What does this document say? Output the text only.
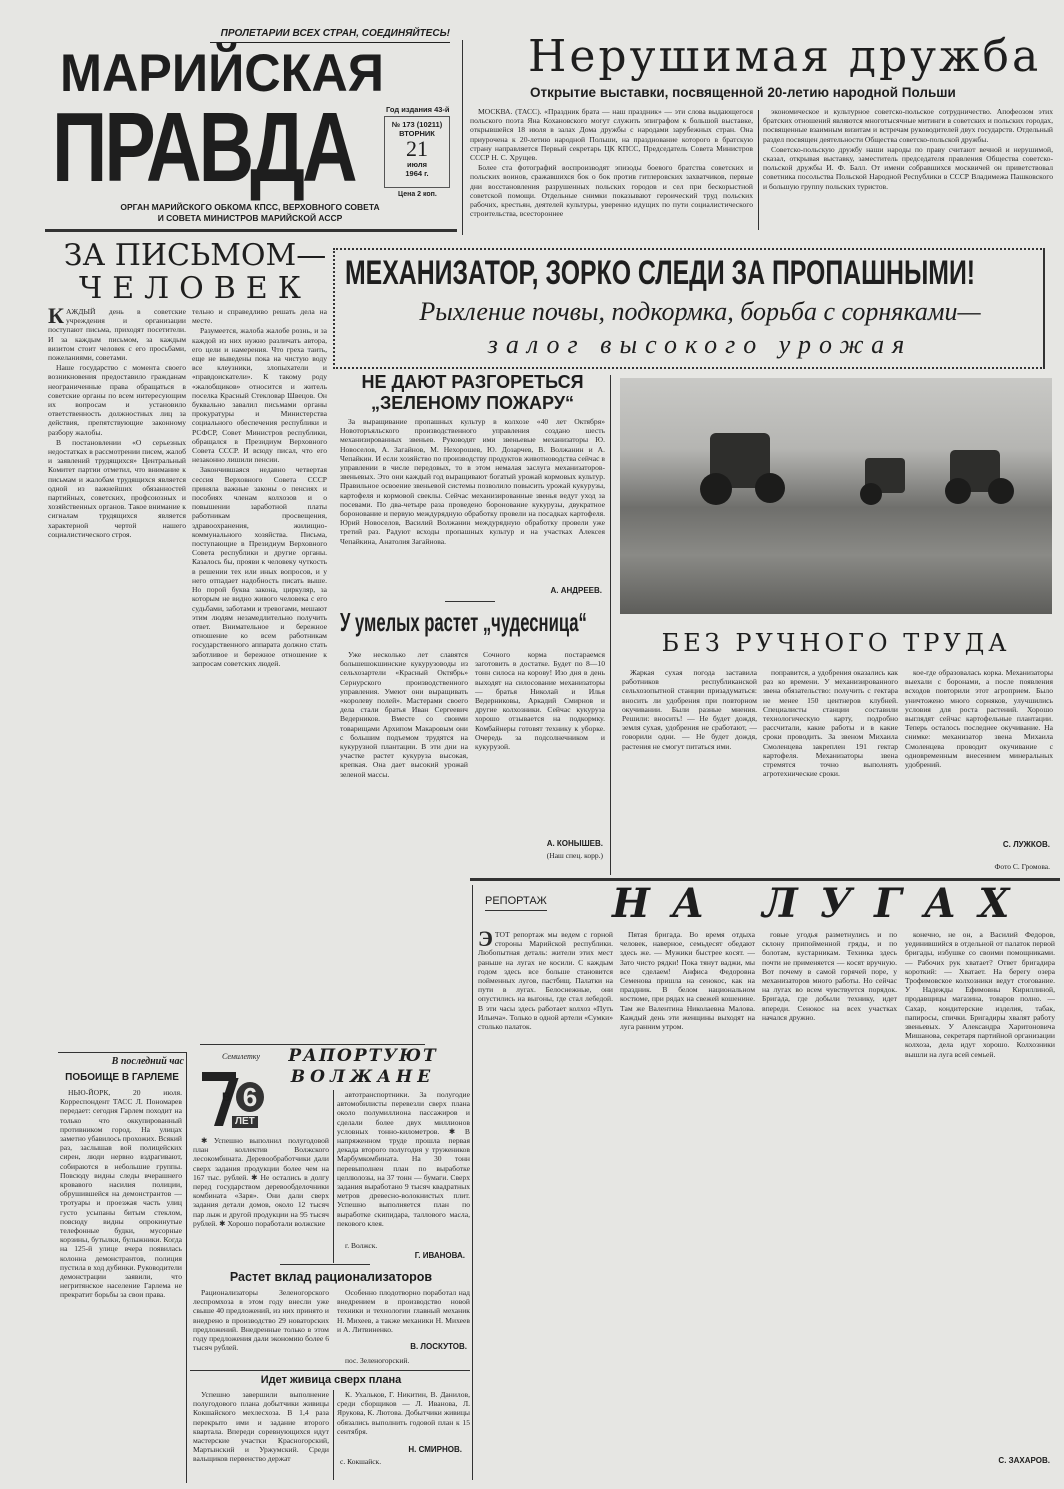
ПРОЛЕТАРИИ ВСЕХ СТРАН, СОЕДИНЯЙТЕСЬ!
МАРИЙСКАЯ
ПРАВДА	Год издания 43-й
№ 173 (10211)
ВТОРНИК
21
июля
1964 г.
Цена 2 коп.
ОРГАН МАРИЙСКОГО ОБКОМА КПСС, ВЕРХОВНОГО СОВЕТА
И СОВЕТА МИНИСТРОВ МАРИЙСКОЙ АССР
Нерушимая дружба
Открытие выставки, посвященной 20-летию народной Польши

МОСКВА. (ТАСС). «Праздник брата — наш праздник» — эти слова выдающегося польского поэта Яна Кохановского могут служить эпиграфом к большой выставке, открывшейся 18 июля в залах Дома дружбы с народами зарубежных стран. Она приурочена к 20-летию народной Польши, на празднование которого в братскую страну направляется Первый секретарь ЦК КПСС, Председатель Совета Министров СССР Н. С. Хрущев.

Более ста фотографий воспроизводят эпизоды боевого братства советских и польских воинов, сражавшихся бок о бок против гитлеровских захватчиков, первые дни восстановления разрушенных польских городов и сел при бескорыстной советской помощи. Отдельные снимки показывают героический труд польских рабочих, крестьян, деятелей культуры, уверенно идущих по пути социалистического строительства, всестороннее

экономическое и культурное советско-польское сотрудничество. Апофеозом этих братских отношений являются многотысячные митинги в советских и польских городах, посвященные взаимным визитам и встречам руководителей двух государств. Отдельный раздел посвящен деятельности Общества советско-польской дружбы.

Советско-польскую дружбу наши народы по праву считают вечной и нерушимой, сказал, открывая выставку, заместитель председателя правления Общества советско-польской дружбы И. Ф. Балл. От имени собравшихся москвичей он приветствовал советника посольства Польской Народной Республики в СССР Владимежа Пашковского и большую группу польских туристов.

ЗА ПИСЬМОМ—
ЧЕЛОВЕК

КАЖДЫЙ день в советские учреждения и организации поступают письма, приходят посетители. И за каждым письмом, за каждым визитом стоит человек с его просьбами, пожеланиями, советами.

Наше государство с момента своего возникновения предоставило гражданам неограниченные права обращаться в советские органы по всем интересующим их вопросам и установило ответственность должностных лиц за действия, препятствующие законному разбору жалобы.

В постановлении «О серьезных недостатках в рассмотрении писем, жалоб и заявлений трудящихся» Центральный Комитет партии отметил, что внимание к письмам и жалобам трудящихся является одной из важнейших обязанностей партийных, советских, профсоюзных и хозяйственных органов. Такое внимание к сигналам трудящихся является характерной чертой нашего социалистического строя.

тельно и справедливо решать дела на месте.

Разумеется, жалоба жалобе рознь, и за каждой из них нужно различать автора, его цели и намерения. Что греха таить, еще не выведены пока на чистую воду все клеузники, злопыхатели и «правдоискатели». К такому роду «жалобщиков» относится и житель поселка Красный Стекловар Швецов. Он буквально завалил письмами органы прокуратуры и Министерства социального обеспечения республики и РСФСР, Совет Министров республики, обращался в Президиум Верховного Совета СССР. И всюду писал, что его незаконно лишили пенсии.

Закончившаяся недавно четвертая сессия Верховного Совета СССР приняла важные законы о пенсиях и пособиях членам колхозов и о повышении заработной платы работникам просвещения, здравоохранения, жилищно-коммунального хозяйства. Письма, поступающие в Президиум Верховного Совета республики и другие органы. Казалось бы, прояви к человеку чуткость в решении тех или иных вопросов, и у него отпадает надобность писать выше. Но порой буква закона, циркуляр, за которым не видно живого человека с его судьбами, заботами и тревогами, мешают этим людям незамедлительно получить ответ. Внимательное и бережное отношение ко всем работникам государственного аппарата должно стать заботливое и бережное отношение к запросам советских людей.

МЕХАНИЗАТОР, ЗОРКО СЛЕДИ ЗА ПРОПАШНЫМИ!
Рыхление почвы, подкормка, борьба с сорняками—
залог высокого урожая
НЕ ДАЮТ РАЗГОРЕТЬСЯ
„ЗЕЛЕНОМУ ПОЖАРУ“

За выращивание пропашных культур в колхозе «40 лет Октября» Новоторъяльского производственного управления создано шесть механизированных звеньев. Руководят ими звеньевые механизаторы Ю. Новоселов, А. Загайнов, М. Нехорошев, Ю. Дозарчев, В. Волжанин и А. Чепайкин. И если хозяйство по производству продуктов животноводства сейчас в управлении в числе передовых, то в этом немалая заслуга механизаторов-звеньевых. Это они каждый год выращивают богатый урожай кормовых культур. Правильное освоение звеньевой системы позволило повысить урожай кукурузы, картофеля и кормовой свеклы. Сейчас механизированные звенья ведут уход за посевами. По два-четыре раза проведено боронование кукурузы, двукратное боронование и первую междурядную обработку провели на посадках картофеля. Юрий Новоселов, Василий Волжанин междурядную обработку провели уже третий раз. Радуют всходы пропашных культур и на участках Алексея Чепайкина, Анатолия Загайнова.

А. АНДРЕЕВ.
У умелых растет „чудесница“

Уже несколько лет славятся большешокшинские кукурузоводы из сельхозартели «Красный Октябрь» Сернурского производственного управления. Умеют они выращивать «королеву полей». Мастерами своего дела стали братья Иван Сергеевич Ведерников. Вместе со своими товарищами Архипом Макаровым они с большим подъемом трудятся на кукурузной плантации. В эти дни на участке растет кукуруза высокая, крепкая. Она дает высокий урожай зеленой массы.

Сочного корма постараемся заготовить в достатке. Будет по 8—10 тонн силоса на корову! Изо дня в день выходят на силосование механизаторы — братья Николай и Илья Ведерниковы, Аркадий Смирнов и другие колхозники. Сейчас кукуруза хорошо отзывается на подкормку. Комбайнеры готовят технику к уборке. Очередь за подсолнечником и кукурузой.

А. КОНЫШЕВ.
(Наш спец. корр.)
БЕЗ РУЧНОГО ТРУДА

Жаркая сухая погода заставила работников республиканской сельхозопытной станции призадуматься: вносить ли удобрения при повторном окучивании. Были разные мнения. Решили: вносить! — Не будет дождя, земля сухая, удобрения не сработают, — говорили одни. — Не будет дождя, растения не смогут питаться ими.

поправится, а удобрения оказались как раз ко времени. У механизированного звена обязательство: получить с гектара не менее 150 центнеров клубней. Специалисты станции составили технологическую карту, подробно рассчитали, какие работы и в какие сроки проводить. За звеном Михаила Смоленцева закреплен 191 гектар картофеля. Механизаторы звена стремятся точно выполнять агротехнические сроки.

кое-где образовалась корка. Механизаторы выехали с боронами, а после появления всходов повторили этот агроприем. Было уничтожено много сорняков, улучшились условия для роста растений. Хорошо выглядят сейчас картофельные плантации. Теперь осталось последнее окучивание. На снимке: механизатор звена Михаила Смоленцева проводит окучивание с одновременным внесением минеральных удобрений.

С. ЛУЖКОВ.
Фото С. Громова.
РЕПОРТАЖ НА ЛУГАХ

ЭТОТ репортаж мы ведем с горной стороны Марийской республики. Любопытная деталь: жители этих мест раньше на лугах не косили. С каждым годом здесь все больше становится пойменных лугов, пастбищ. Палатки на пути в лугах. Белоснежные, они опустились на выгоны, где стал лебедой. В эти часы здесь работает колхоз «Путь Ильича». Только в одной артели «Сумки» столько палаток.

Пятая бригада. Во время отдыха человек, наверное, семьдесят обедают здесь же. — Мужики быстрее косят. — Зато чисто рядки! Пока тянут ваджи, мы все сделаем! Анфиса Федоровна Семенова пришла на сенокос, как на праздник. В белом национальном костюме, при рядах на свежей кошенине. Там же Валентина Николаевна Малова. Каждый день эти женщины выходят на луга ранним утром.

говые угодья разметнулись и по склону припойменной гряды, и по болотам, кустарникам. Техника здесь почти не применяется — косят вручную. Вот почему в самой горячей поре, у механизаторов много работы. Но сейчас на лугах во всем чувствуется порядок. Бригада, где добыли технику, идет впереди. Сенокос на всех участках начался дружно.

конечно, не он, а Василий Федоров, уединившийся в отдельной от палаток первой бригады, избушке со своими помощниками. — Рабочих рук хватает? Ответ бригадира короткий: — Хватает. На берегу озера Трофимовское колхозники ведут стогование. У Надежды Ефимовны Кириллиной, продавщицы магазина, товаров полно. — Сахар, кондитерские изделия, табак, папиросы, спички. Бригадиры хвалят работу звеньевых. У Александра Харитоновича Мишанова, секретаря партийной организации колхоза, дела идут хорошо. Колхозники вышли на луга всей семьей.

С. ЗАХАРОВ.
В последний час
ПОБОИЩЕ В ГАРЛЕМЕ

НЬЮ-ЙОРК, 20 июля. Корреспондент ТАСС Л. Пономарев передает: сегодня Гарлем походит на только что оккупированный противником город. На улицах заметно убавилось прохожих. Всякий раз, заслышав вой полицейских сирен, люди нервно вздрагивают, собираются в небольшие группы. Повсюду видны следы вчерашнего кровавого насилия полиции, обрушившейся на демонстрантов — тротуары и проезжая часть улиц густо усыпаны битым стеклом, повсюду видны опрокинутые телефонные будки, мусорные корзины, бутылки, булыжники. Когда на 125-й улице вчера появилась колонна демонстрантов, полиция пустила в ход дубинки. Руководители демонстрации заявили, что негритянское население Гарлема не прекратит борьбы за свои права.

Семилетку
В 6
ЛЕТ
РАПОРТУЮТ
ВОЛЖАНЕ

✱ Успешно выполнил полугодовой план коллектив Волжского лесокомбината. Деревообработчики дали сверх задания продукции более чем на 167 тыс. рублей. ✱ Не остались в долгу перед государством деревообделочники комбината «Заря». Они дали сверх задания детали домов, около 12 тысяч пар лыж и другой продукции на 95 тысяч рублей. ✱ Хорошо поработали волжские

автотранспортники. За полугодие автомобилисты перевезли сверх плана около полумиллиона пассажиров и сделали более двух миллионов условных тонно-километров. ✱ В напряженном труде прошла первая декада второго полугодия у тружеников Марбумкомбината. На 30 тонн перевыполнен план по выработке целлюлозы, на 37 тонн — бумаги. Сверх задания выработано 9 тысяч квадратных метров древесно-волокнистых плит. Успешно выполняется план по выработке скипидара, таллового масла, пекового клея.

г. Волжск.
Г. ИВАНОВА.
Растет вклад рационализаторов

Рационализаторы Зеленогорского леспромхоза в этом году внесли уже свыше 40 предложений, из них принято и внедрено в производство 29 новаторских предложений. Внедренные только в этом году предложения дали экономию более 6 тысяч рублей.

Особенно плодотворно поработал над внедрением в производство новой техники и технологии главный механик Н. Михеев, а также механики Н. Михеев и А. Литвиненко.

В. ЛОСКУТОВ.
пос. Зеленогорский.
Идет живица сверх плана

Успешно завершили выполнение полугодового плана добытчики живицы Кокшайского мехлесхоза. В 1,4 раза перекрыто ими и задание второго квартала. Впереди соревнующихся идут мастерские участки Красногорский, Мартынский и Уржумский. Среди вальщиков первенство держат

К. Ухальков, Г. Никитин, В. Данилов, среди сборщиков — Л. Иванова, Л. Ярукова, К. Лютова. Добытчики живицы обязались выполнить годовой план к 15 сентября.

Н. СМИРНОВ.
с. Кокшайск.
